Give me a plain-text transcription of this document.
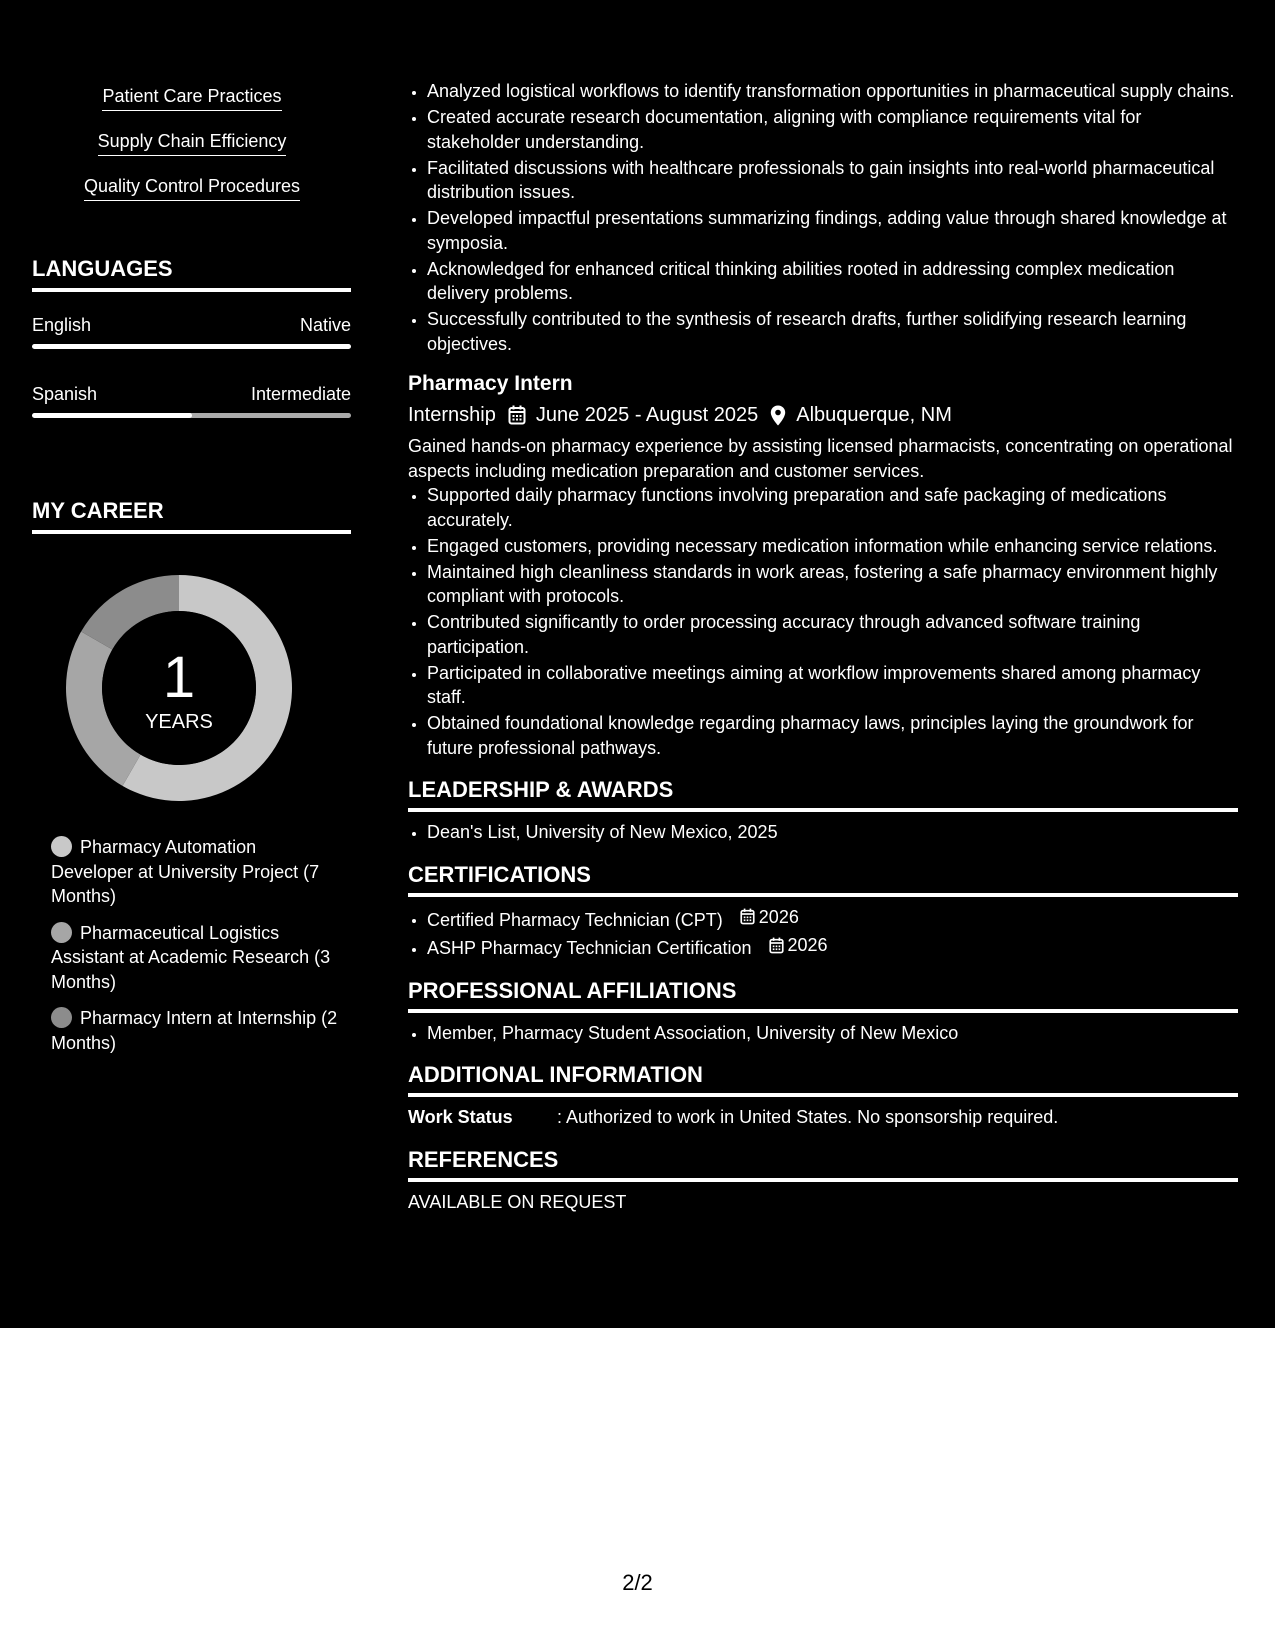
Patient Care Practices
Supply Chain Efficiency
Quality Control Procedures
LANGUAGES
English	Native
Spanish	Intermediate
MY CAREER
1
YEARS
Pharmacy Automation Developer at University Project (7 Months)
Pharmaceutical Logistics Assistant at Academic Research (3 Months)
Pharmacy Intern at Internship (2 Months)
• Analyzed logistical workflows to identify transformation opportunities in pharmaceutical supply chains.
• Created accurate research documentation, aligning with compliance requirements vital for stakeholder understanding.
• Facilitated discussions with healthcare professionals to gain insights into real-world pharmaceutical distribution issues.
• Developed impactful presentations summarizing findings, adding value through shared knowledge at symposia.
• Acknowledged for enhanced critical thinking abilities rooted in addressing complex medication delivery problems.
• Successfully contributed to the synthesis of research drafts, further solidifying research learning objectives.
Pharmacy Intern
Internship June 2025 - August 2025 Albuquerque, NM
Gained hands-on pharmacy experience by assisting licensed pharmacists, concentrating on operational aspects including medication preparation and customer services.
• Supported daily pharmacy functions involving preparation and safe packaging of medications accurately.
• Engaged customers, providing necessary medication information while enhancing service relations.
• Maintained high cleanliness standards in work areas, fostering a safe pharmacy environment highly compliant with protocols.
• Contributed significantly to order processing accuracy through advanced software training participation.
• Participated in collaborative meetings aiming at workflow improvements shared among pharmacy staff.
• Obtained foundational knowledge regarding pharmacy laws, principles laying the groundwork for future professional pathways.
LEADERSHIP & AWARDS
• Dean's List, University of New Mexico, 2025
CERTIFICATIONS
• Certified Pharmacy Technician (CPT) 2026
• ASHP Pharmacy Technician Certification 2026
PROFESSIONAL AFFILIATIONS
• Member, Pharmacy Student Association, University of New Mexico
ADDITIONAL INFORMATION
Work Status	: Authorized to work in United States. No sponsorship required.
REFERENCES
AVAILABLE ON REQUEST
2/2
